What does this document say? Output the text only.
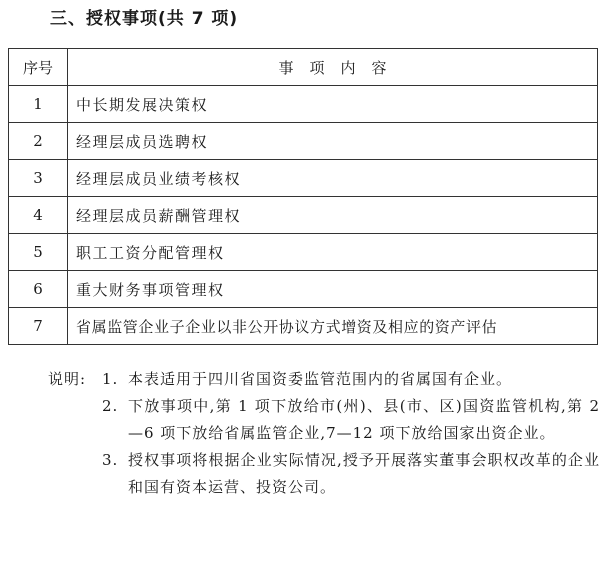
三、授权事项(共 7 项)
序号	事项内容
1	中长期发展决策权
2	经理层成员选聘权
3	经理层成员业绩考核权
4	经理层成员薪酬管理权
5	职工工资分配管理权
6	重大财务事项管理权
7	省属监管企业子企业以非公开协议方式增资及相应的资产评估
说明:	1. 本表适用于四川省国资委监管范围内的省属国有企业。
2. 下放事项中,第 1 项下放给市(州)、县(市、区)国资监管机构,第 2—6 项下放给省属监管企业,7—12 项下放给国家出资企业。
3. 授权事项将根据企业实际情况,授予开展落实董事会职权改革的企业和国有资本运营、投资公司。
